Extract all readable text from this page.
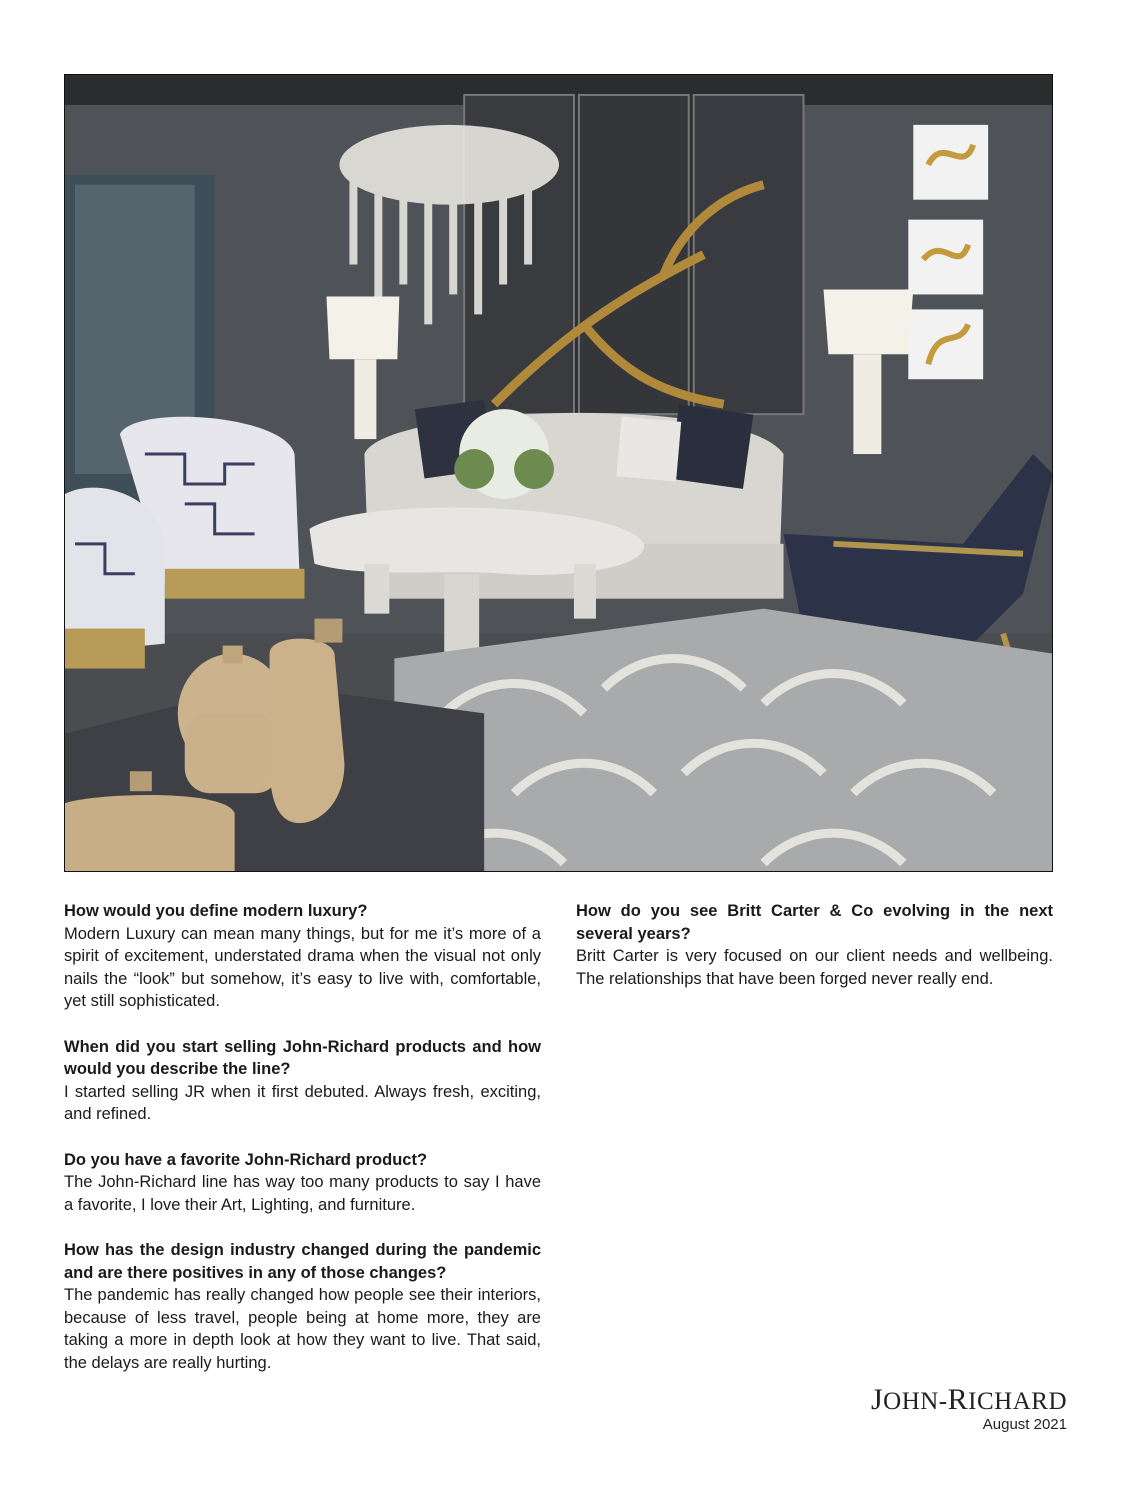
How would you define modern luxury?

Modern Luxury can mean many things, but for me it’s more of a spirit of excitement, understated drama when the visual not only nails the “look” but somehow, it’s easy to live with, comfortable, yet still sophisticated.

When did you start selling John-Richard products and how would you describe the line?

I started selling JR when it first debuted. Always fresh, exciting, and refined.

Do you have a favorite John-Richard product?

The John-Richard line has way too many products to say I have a favorite, I love their Art, Lighting, and furniture.

How has the design industry changed during the pandemic and are there positives in any of those changes?

The pandemic has really changed how people see their interiors, because of less travel, people being at home more, they are taking a more in depth look at how they want to live. That said, the delays are really hurting.

How do you see Britt Carter & Co evolving in the next several years?

Britt Carter is very focused on our client needs and wellbeing. The relationships that have been forged never really end.

JOHN-RICHARD
August 2021
